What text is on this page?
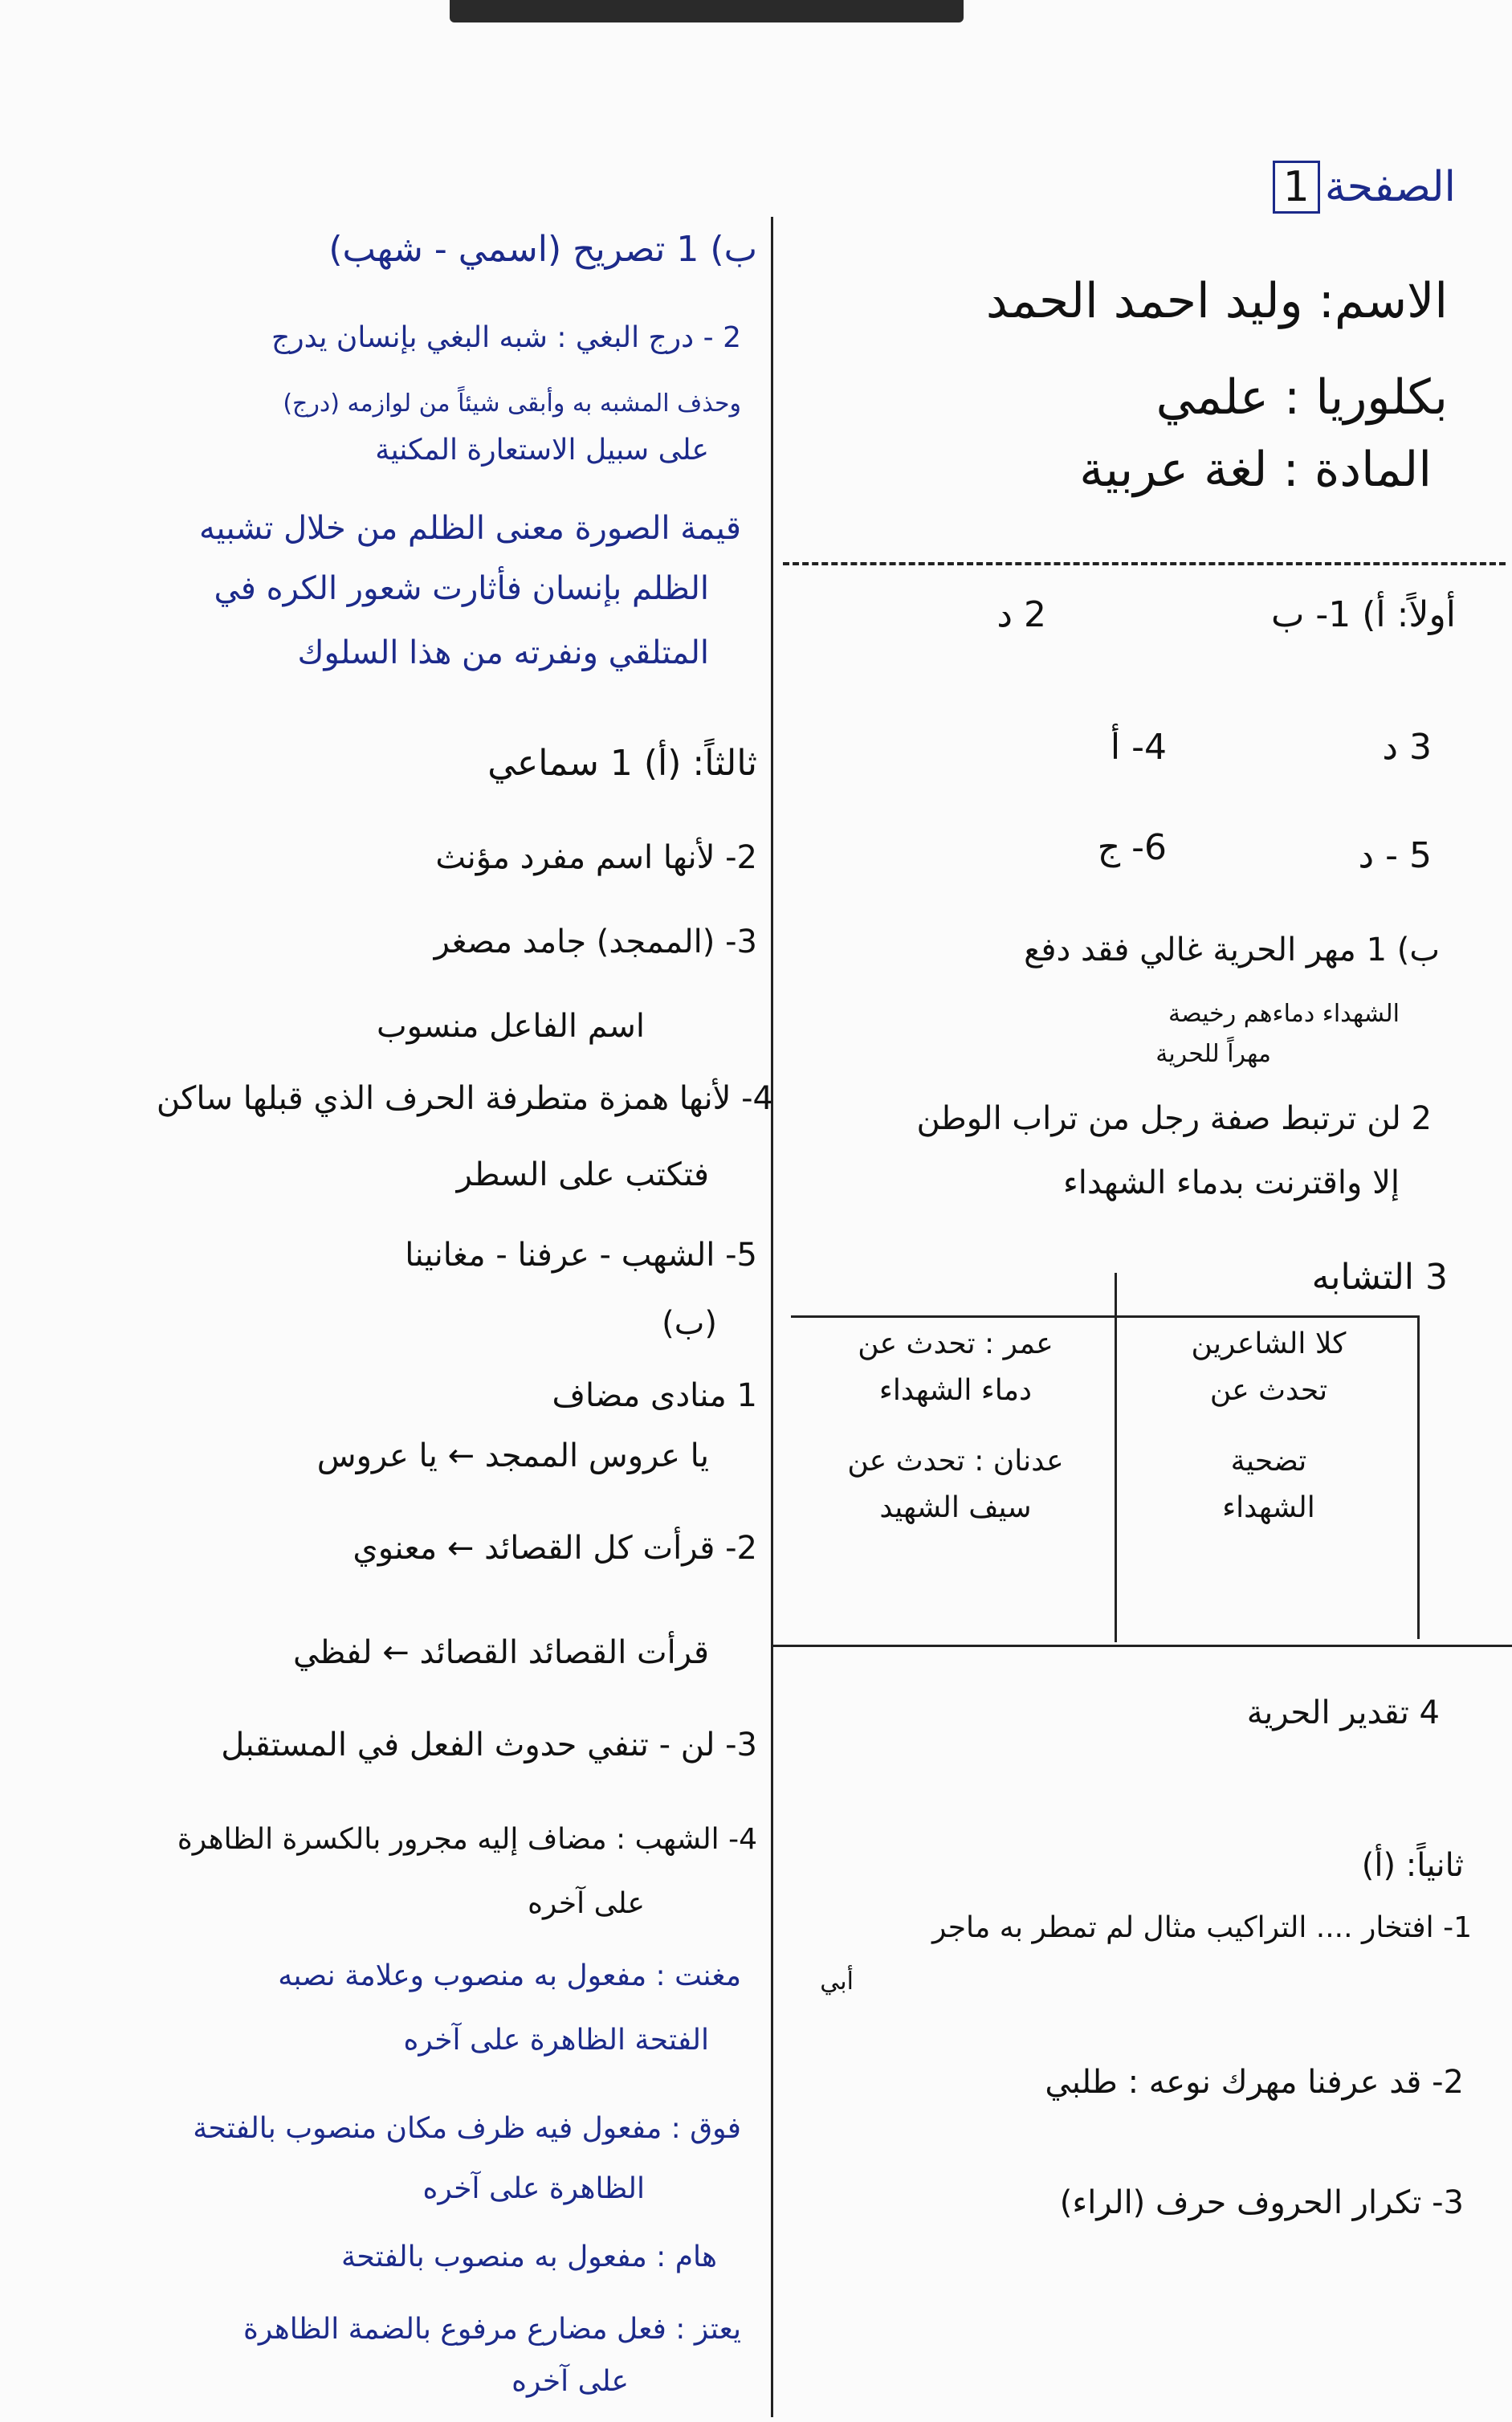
الصفحة1
الاسم: وليد احمد الحمد
بكلوريا : علمي
المادة : لغة عربية
أولاً: أ) 1- ب
2 د
3 د
4- أ
5 - د
6- ج
ب) 1 مهر الحرية غالي فقد دفع
الشهداء دماءهم رخيصة
مهراً للحرية
2 لن ترتبط صفة رجل من تراب الوطن
إلا واقترنت بدماء الشهداء
3 التشابه
كلا الشاعرين
تحدث عن
تضحية
الشهداء
عمر : تحدث عن
دماء الشهداء
عدنان : تحدث عن
سيف الشهيد
4 تقدير الحرية
ثانياً: (أ)
1- افتخار .... التراكيب مثال لم تمطر به ماجر
أبي
2- قد عرفنا مهرك نوعه : طلبي
3- تكرار الحروف حرف (الراء)
ب) 1 تصريح (اسمي - شهب)
2 - درج البغي : شبه البغي بإنسان يدرج
وحذف المشبه به وأبقى شيئاً من لوازمه (درج)
على سبيل الاستعارة المكنية
قيمة الصورة معنى الظلم من خلال تشبيه
الظلم بإنسان فأثارت شعور الكره في
المتلقي ونفرته من هذا السلوك
ثالثاً: (أ) 1 سماعي
2- لأنها اسم مفرد مؤنث
3- (الممجد) جامد مصغر
اسم الفاعل منسوب
4- لأنها همزة متطرفة الحرف الذي قبلها ساكن
فتكتب على السطر
5- الشهب - عرفنا - مغانينا
(ب)
1 منادى مضاف
يا عروس الممجد ← يا عروس
2- قرأت كل القصائد ← معنوي
قرأت القصائد القصائد ← لفظي
3- لن - تنفي حدوث الفعل في المستقبل
4- الشهب : مضاف إليه مجرور بالكسرة الظاهرة
على آخره
مغنت : مفعول به منصوب وعلامة نصبه
الفتحة الظاهرة على آخره
فوق : مفعول فيه ظرف مكان منصوب بالفتحة
الظاهرة على آخره
هام : مفعول به منصوب بالفتحة
يعتز : فعل مضارع مرفوع بالضمة الظاهرة
على آخره
